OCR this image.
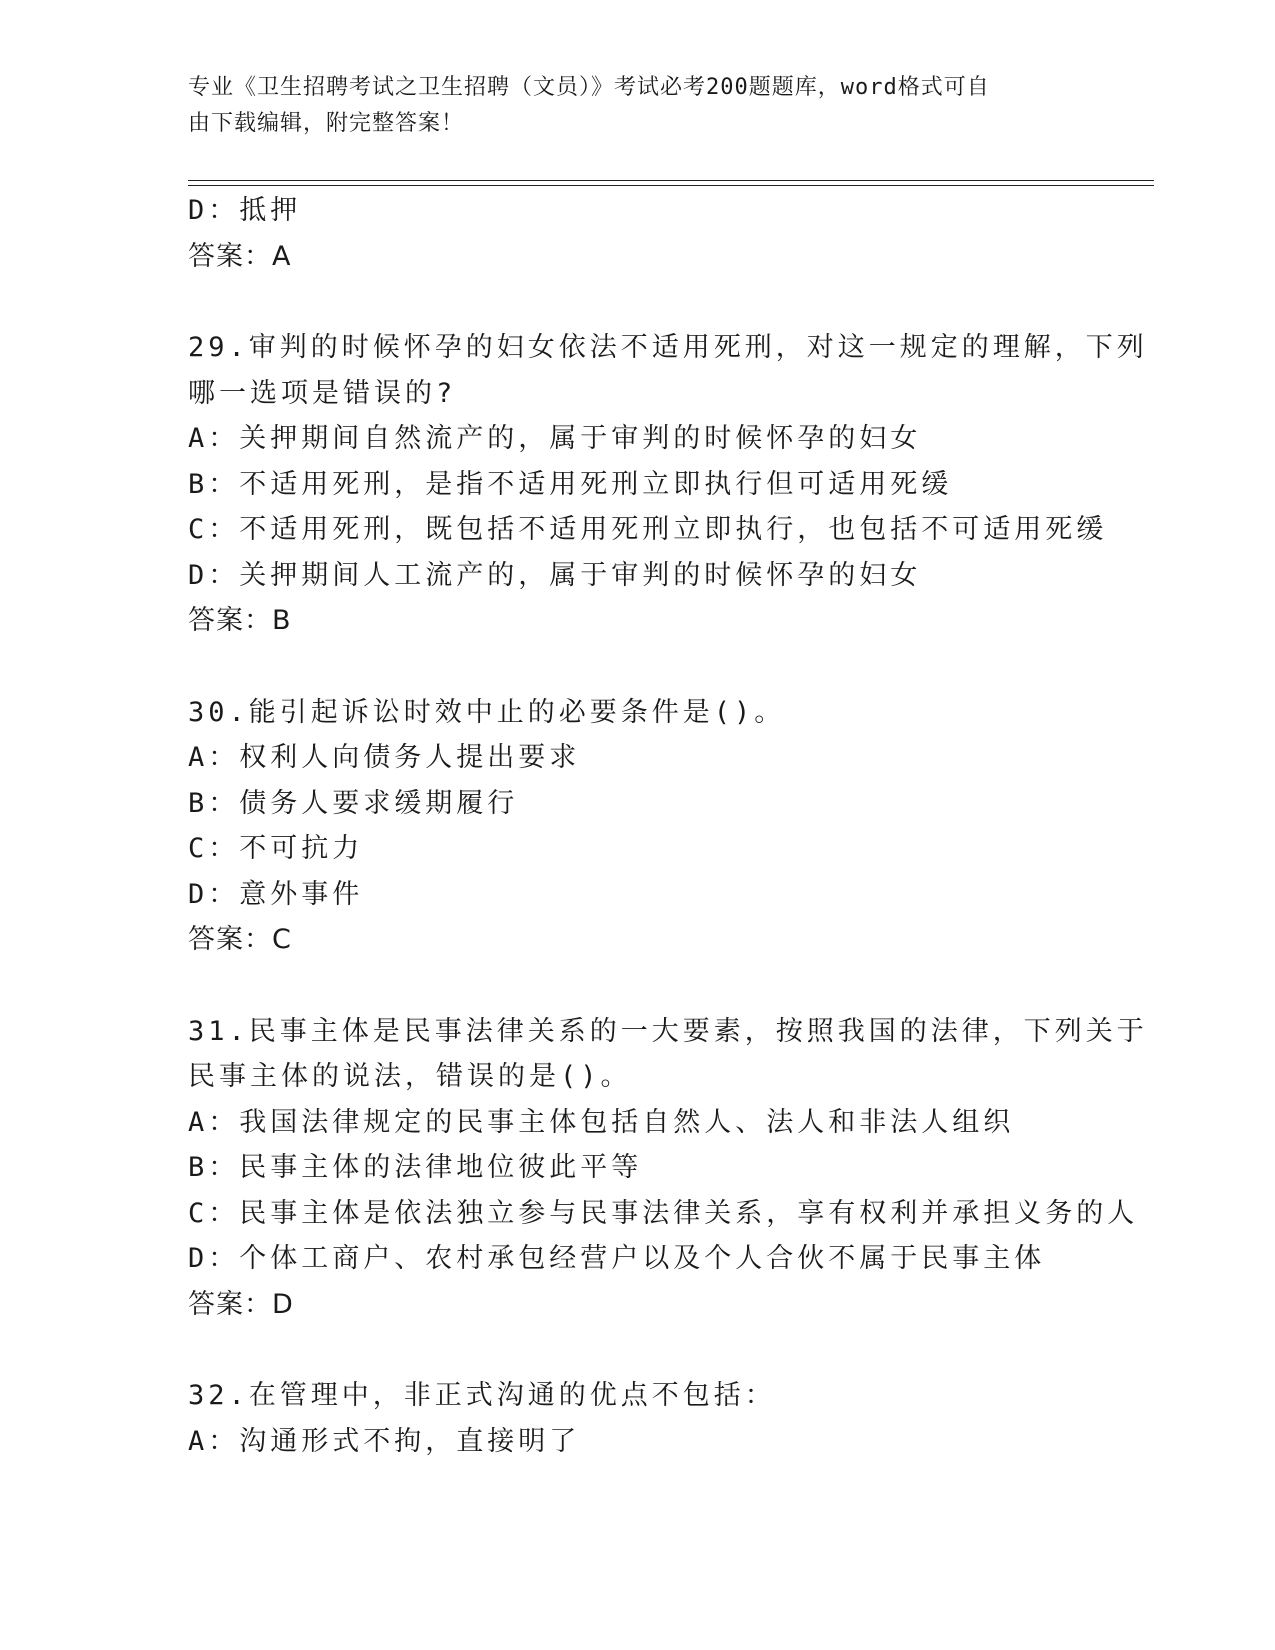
专业《卫生招聘考试之卫生招聘（文员）》考试必考200题题库，word格式可自
由下载编辑，附完整答案！
D：抵押
答案：A
29.审判的时候怀孕的妇女依法不适用死刑，对这一规定的理解，下列
哪一选项是错误的?
A：关押期间自然流产的，属于审判的时候怀孕的妇女
B：不适用死刑，是指不适用死刑立即执行但可适用死缓
C：不适用死刑，既包括不适用死刑立即执行，也包括不可适用死缓
D：关押期间人工流产的，属于审判的时候怀孕的妇女
答案：B
30.能引起诉讼时效中止的必要条件是()。
A：权利人向债务人提出要求
B：债务人要求缓期履行
C：不可抗力
D：意外事件
答案：C
31.民事主体是民事法律关系的一大要素，按照我国的法律，下列关于
民事主体的说法，错误的是()。
A：我国法律规定的民事主体包括自然人、法人和非法人组织
B：民事主体的法律地位彼此平等
C：民事主体是依法独立参与民事法律关系，享有权利并承担义务的人
D：个体工商户、农村承包经营户以及个人合伙不属于民事主体
答案：D
32.在管理中，非正式沟通的优点不包括：
A：沟通形式不拘，直接明了
